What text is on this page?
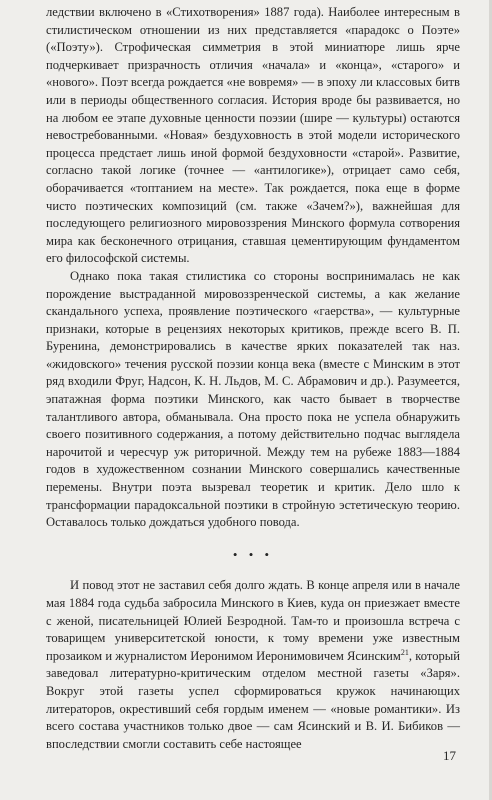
ледствии включено в «Стихотворения» 1887 года). Наиболее интересным в стилистическом отношении из них представляется «парадокс о Поэте» («Поэту»). Строфическая симметрия в этой миниатюре лишь ярче подчеркивает призрачность отличия «начала» и «конца», «старого» и «нового». Поэт всегда рождается «не вовремя» — в эпоху ли классовых битв или в периоды общественного согласия. История вроде бы развивается, но на любом ее этапе духовные ценности поэзии (шире — культуры) остаются невостребованными. «Новая» бездуховность в этой модели исторического процесса предстает лишь иной формой бездуховности «старой». Развитие, согласно такой логике (точнее — «антилогике»), отрицает само себя, оборачивается «топтанием на месте». Так рождается, пока еще в форме чисто поэтических композиций (см. также «Зачем?»), важнейшая для последующего религиозного мировоззрения Минского формула сотворения мира как бесконечного отрицания, ставшая цементирующим фундаментом его философской системы.

Однако пока такая стилистика со стороны воспринималась не как порождение выстраданной мировоззренческой системы, а как желание скандального успеха, проявление поэтического «гаерства», — культурные признаки, которые в рецензиях некоторых критиков, прежде всего В. П. Буренина, демонстрировались в качестве ярких показателей так наз. «жидовского» течения русской поэзии конца века (вместе с Минским в этот ряд входили Фруг, Надсон, К. Н. Льдов, М. С. Абрамович и др.). Разумеется, эпатажная форма поэтики Минского, как часто бывает в творчестве талантливого автора, обманывала. Она просто пока не успела обнаружить своего позитивного содержания, а потому действительно подчас выглядела нарочитой и чересчур уж риторичной. Между тем на рубеже 1883—1884 годов в художественном сознании Минского совершались качественные перемены. Внутри поэта вызревал теоретик и критик. Дело шло к трансформации парадоксальной поэтики в стройную эстетическую теорию. Оставалось только дождаться удобного повода.

• • •

И повод этот не заставил себя долго ждать. В конце апреля или в начале мая 1884 года судьба забросила Минского в Киев, куда он приезжает вместе с женой, писательницей Юлией Безродной. Там-то и произошла встреча с товарищем университетской юности, к тому времени уже известным прозаиком и журналистом Иеронимом Иеронимовичем Ясинским$^{21}$, который заведовал литературно-критическим отделом местной газеты «Заря». Вокруг этой газеты успел сформироваться кружок начинающих литераторов, окрестивший себя гордым именем — «новые романтики». Из всего состава участников только двое — сам Ясинский и В. И. Бибиков — впоследствии смогли составить себе настоящее

17
